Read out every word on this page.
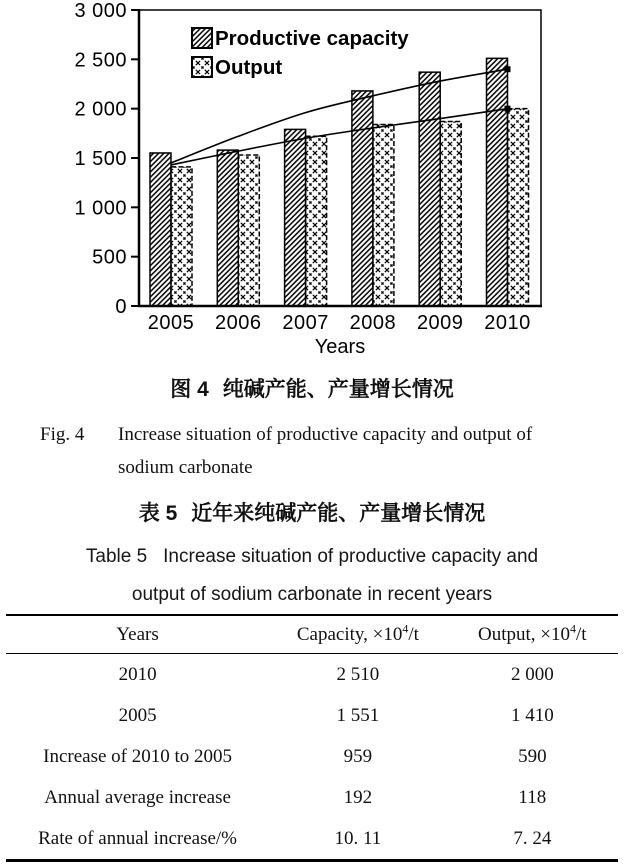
0
500
1 000
1 500
2 000
2 500
3 000
2005 2006 2007 2008 2009 2010
Years
Productive capacity
Output
图 4 纯碱产能、产量增长情况
Fig. 4	Increase situation of productive capacity and output of
sodium carbonate
表 5 近年来纯碱产能、产量增长情况
Table 5 Increase situation of productive capacity and
output of sodium carbonate in recent years
Years	Capacity, $\times 10^4/t$	Output, $\times 10^4/t$
2010	2 510	2 000
2005	1 551	1 410
Increase of 2010 to 2005	959	590
Annual average increase	192	118
Rate of annual increase/%	10. 11	7. 24
